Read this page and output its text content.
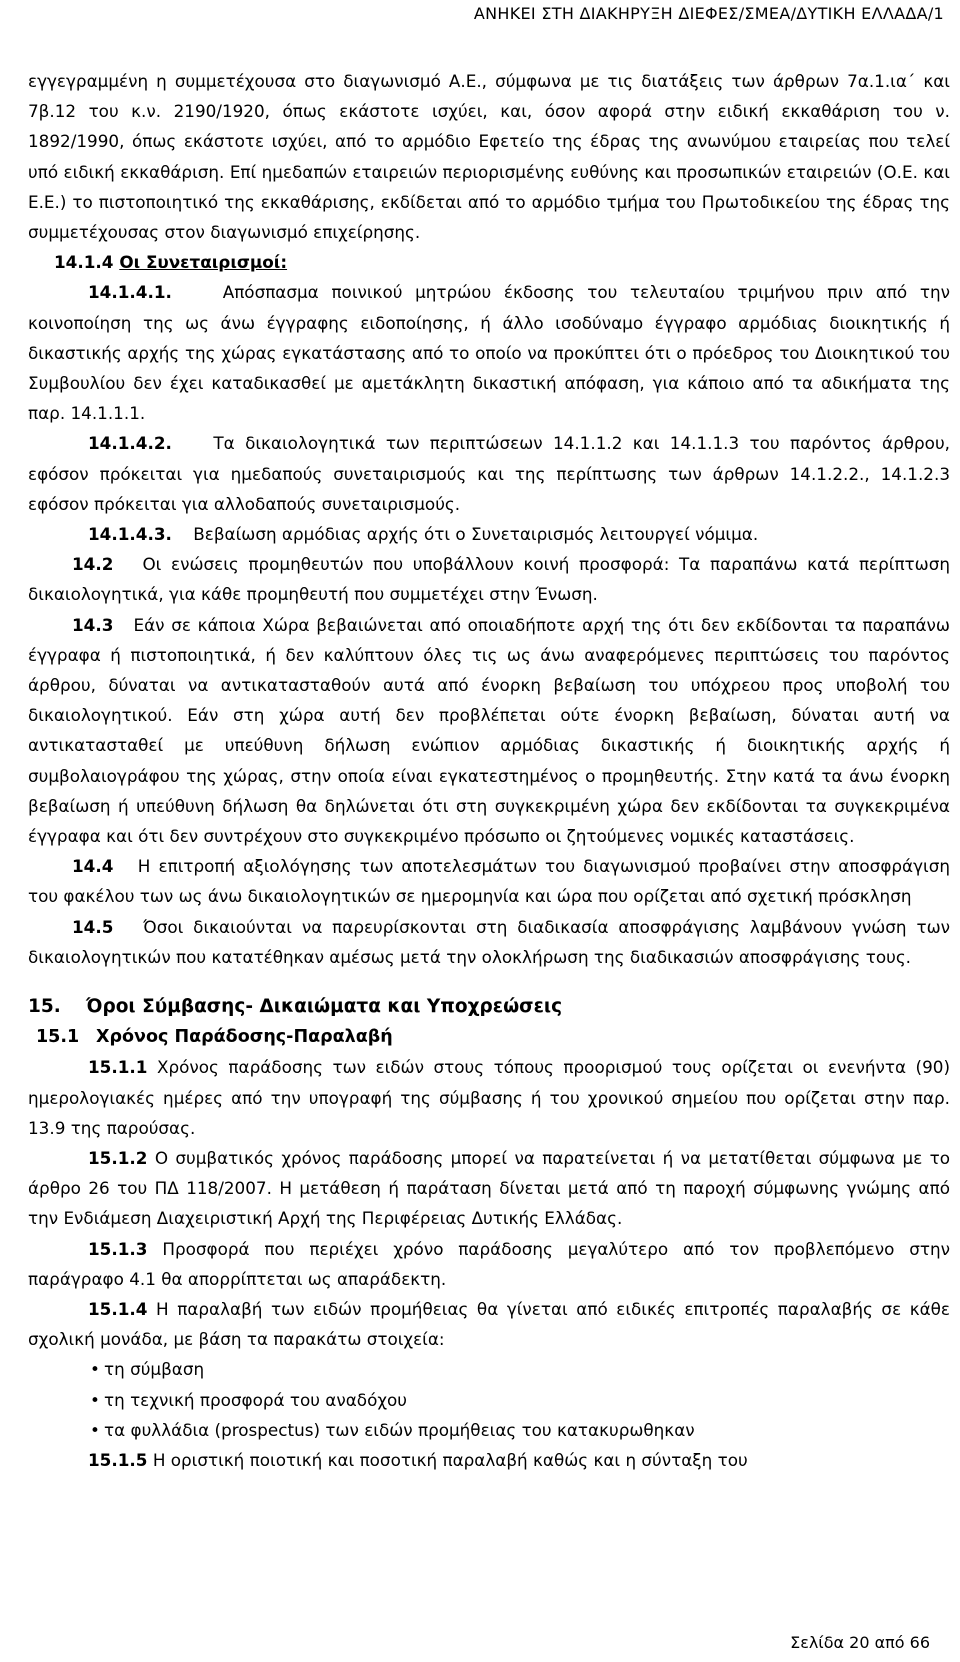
ΑΝΗΚΕΙ ΣΤΗ ΔΙΑΚΗΡΥΞΗ ΔΙΕΦΕΣ/ΣΜΕΑ/ΔΥΤΙΚΗ ΕΛΛΑΔΑ/1

εγγεγραμμένη η συμμετέχουσα στο διαγωνισμό Α.Ε., σύμφωνα με τις διατάξεις των άρθρων 7α.1.ια΄ και 7β.12 του κ.ν. 2190/1920, όπως εκάστοτε ισχύει, και, όσον αφορά στην ειδική εκκαθάριση του ν. 1892/1990, όπως εκάστοτε ισχύει, από το αρμόδιο Εφετείο της έδρας της ανωνύμου εταιρείας που τελεί υπό ειδική εκκαθάριση. Επί ημεδαπών εταιρειών περιορισμένης ευθύνης και προσωπικών εταιρειών (Ο.Ε. και Ε.Ε.) το πιστοποιητικό της εκκαθάρισης, εκδίδεται από το αρμόδιο τμήμα του Πρωτοδικείου της έδρας της συμμετέχουσας στον διαγωνισμό επιχείρησης.

14.1.4 Οι Συνεταιρισμοί:

14.1.4.1.	Απόσπασμα ποινικού μητρώου έκδοσης του τελευταίου τριμήνου πριν από την κοινοποίηση της ως άνω έγγραφης ειδοποίησης, ή άλλο ισοδύναμο έγγραφο αρμόδιας διοικητικής ή δικαστικής αρχής της χώρας εγκατάστασης από το οποίο να προκύπτει ότι ο πρόεδρος του Διοικητικού του Συμβουλίου δεν έχει καταδικασθεί με αμετάκλητη δικαστική απόφαση, για κάποιο από τα αδικήματα της παρ. 14.1.1.1.

14.1.4.2. Τα δικαιολογητικά των περιπτώσεων 14.1.1.2 και 14.1.1.3 του παρόντος άρθρου, εφόσον πρόκειται για ημεδαπούς συνεταιρισμούς και της περίπτωσης των άρθρων 14.1.2.2., 14.1.2.3 εφόσον πρόκειται για αλλοδαπούς συνεταιρισμούς.

14.1.4.3. Βεβαίωση αρμόδιας αρχής ότι ο Συνεταιρισμός λειτουργεί νόμιμα.

14.2 Οι ενώσεις προμηθευτών που υποβάλλουν κοινή προσφορά: Τα παραπάνω κατά περίπτωση δικαιολογητικά, για κάθε προμηθευτή που συμμετέχει στην Ένωση.

14.3 Εάν σε κάποια Χώρα βεβαιώνεται από οποιαδήποτε αρχή της ότι δεν εκδίδονται τα παραπάνω έγγραφα ή πιστοποιητικά, ή δεν καλύπτουν όλες τις ως άνω αναφερόμενες περιπτώσεις του παρόντος άρθρου, δύναται να αντικατασταθούν αυτά από ένορκη βεβαίωση του υπόχρεου προς υποβολή του δικαιολογητικού. Εάν στη χώρα αυτή δεν προβλέπεται ούτε ένορκη βεβαίωση, δύναται αυτή να αντικατασταθεί με υπεύθυνη δήλωση ενώπιον αρμόδιας δικαστικής ή διοικητικής αρχής ή συμβολαιογράφου της χώρας, στην οποία είναι εγκατεστημένος ο προμηθευτής. Στην κατά τα άνω ένορκη βεβαίωση ή υπεύθυνη δήλωση θα δηλώνεται ότι στη συγκεκριμένη χώρα δεν εκδίδονται τα συγκεκριμένα έγγραφα και ότι δεν συντρέχουν στο συγκεκριμένο πρόσωπο οι ζητούμενες νομικές καταστάσεις.

14.4 Η επιτροπή αξιολόγησης των αποτελεσμάτων του διαγωνισμού προβαίνει στην αποσφράγιση του φακέλου των ως άνω δικαιολογητικών σε ημερομηνία και ώρα που ορίζεται από σχετική πρόσκληση

14.5 Όσοι δικαιούνται να παρευρίσκονται στη διαδικασία αποσφράγισης λαμβάνουν γνώση των δικαιολογητικών που κατατέθηκαν αμέσως μετά την ολοκλήρωση της διαδικασιών αποσφράγισης τους.

15. Όροι Σύμβασης- Δικαιώματα και Υποχρεώσεις

15.1 Χρόνος Παράδοσης-Παραλαβή

15.1.1 Χρόνος παράδοσης των ειδών στους τόπους προορισμού τους ορίζεται οι ενενήντα (90) ημερολογιακές ημέρες από την υπογραφή της σύμβασης ή του χρονικού σημείου που ορίζεται στην παρ. 13.9 της παρούσας.

15.1.2 Ο συμβατικός χρόνος παράδοσης μπορεί να παρατείνεται ή να μετατίθεται σύμφωνα με το άρθρο 26 του ΠΔ 118/2007. Η μετάθεση ή παράταση δίνεται μετά από τη παροχή σύμφωνης γνώμης από την Ενδιάμεση Διαχειριστική Αρχή της Περιφέρειας Δυτικής Ελλάδας.

15.1.3 Προσφορά που περιέχει χρόνο παράδοσης μεγαλύτερο από τον προβλεπόμενο στην παράγραφο 4.1 θα απορρίπτεται ως απαράδεκτη.

15.1.4 Η παραλαβή των ειδών προμήθειας θα γίνεται από ειδικές επιτροπές παραλαβής σε κάθε σχολική μονάδα, με βάση τα παρακάτω στοιχεία:

• τη σύμβαση
• τη τεχνική προσφορά του αναδόχου
• τα φυλλάδια (prospectus) των ειδών προμήθειας του κατακυρωθηκαν

15.1.5 Η οριστική ποιοτική και ποσοτική παραλαβή καθώς και η σύνταξη του

Σελίδα 20 από 66
